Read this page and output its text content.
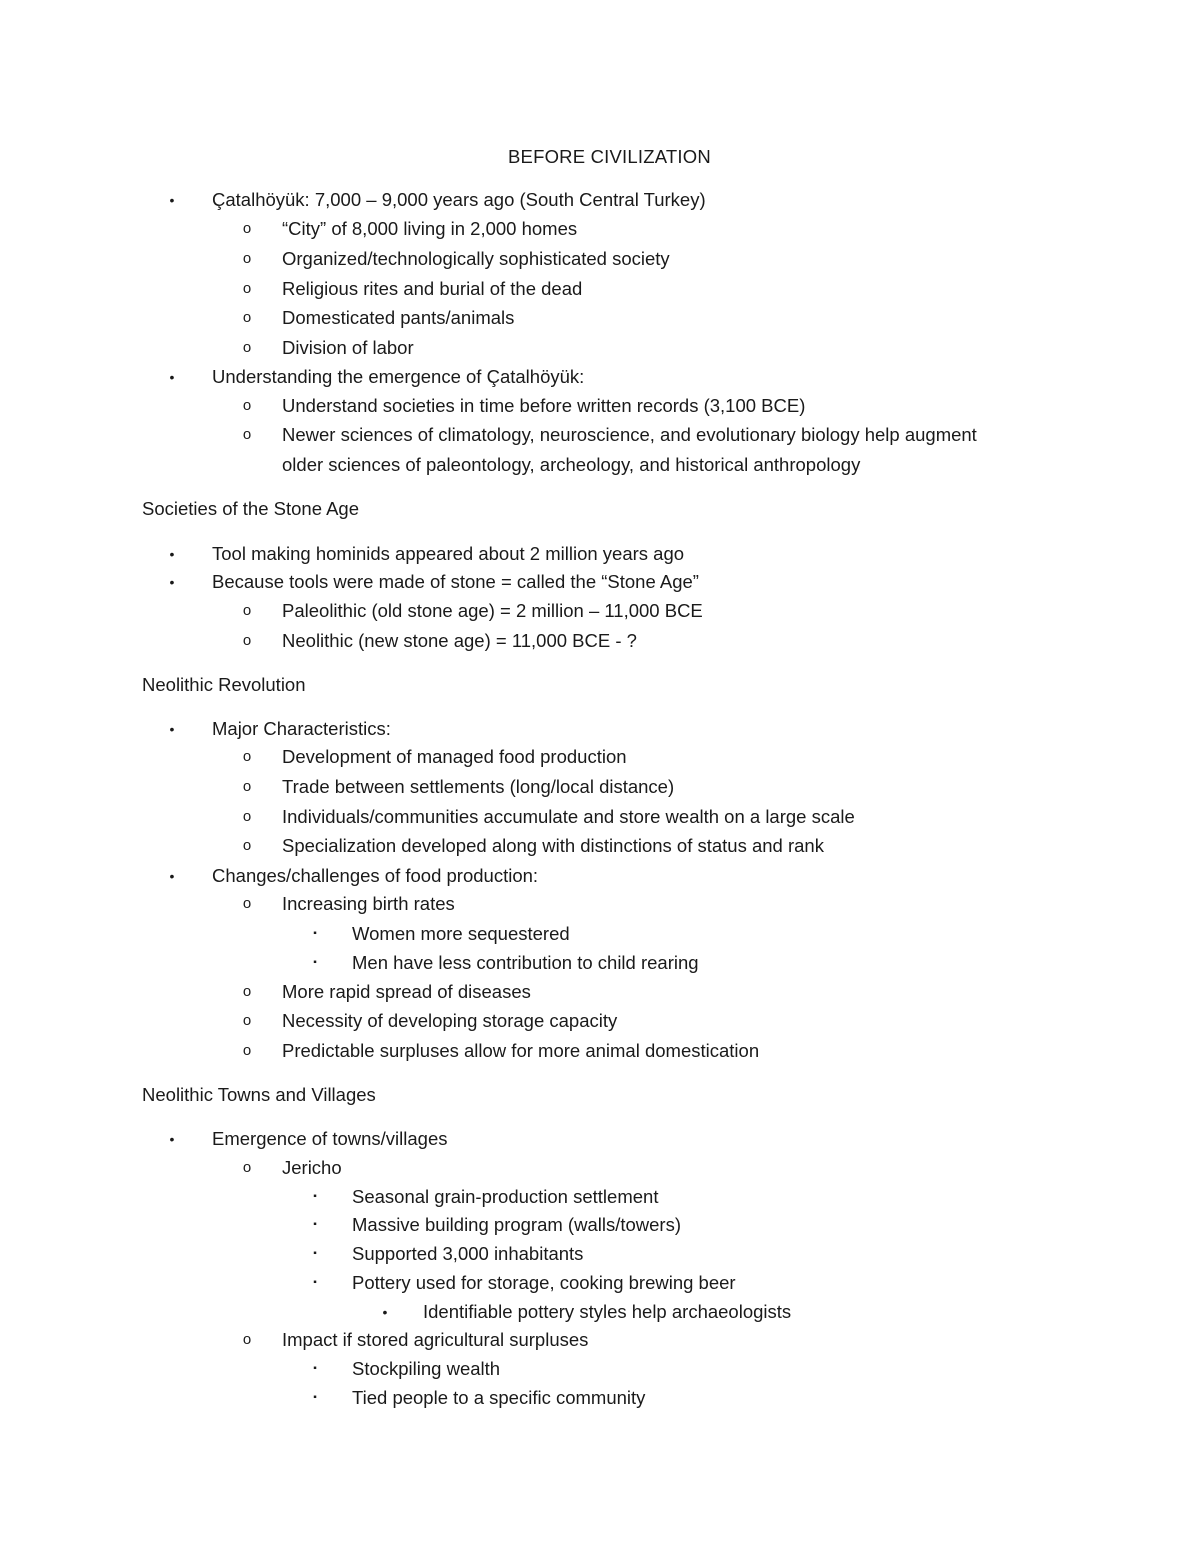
BEFORE CIVILIZATION
• Çatalhöyük: 7,000 – 9,000 years ago (South Central Turkey)
o “City” of 8,000 living in 2,000 homes
o Organized/technologically sophisticated society
o Religious rites and burial of the dead
o Domesticated pants/animals
o Division of labor
• Understanding the emergence of Çatalhöyük:
o Understand societies in time before written records (3,100 BCE)
o Newer sciences of climatology, neuroscience, and evolutionary biology help augment
older sciences of paleontology, archeology, and historical anthropology
Societies of the Stone Age
• Tool making hominids appeared about 2 million years ago
• Because tools were made of stone = called the “Stone Age”
o Paleolithic (old stone age) = 2 million – 11,000 BCE
o Neolithic (new stone age) = 11,000 BCE - ?
Neolithic Revolution
• Major Characteristics:
o Development of managed food production
o Trade between settlements (long/local distance)
o Individuals/communities accumulate and store wealth on a large scale
o Specialization developed along with distinctions of status and rank
• Changes/challenges of food production:
o Increasing birth rates
▪ Women more sequestered
▪ Men have less contribution to child rearing
o More rapid spread of diseases
o Necessity of developing storage capacity
o Predictable surpluses allow for more animal domestication
Neolithic Towns and Villages
• Emergence of towns/villages
o Jericho
▪ Seasonal grain-production settlement
▪ Massive building program (walls/towers)
▪ Supported 3,000 inhabitants
▪ Pottery used for storage, cooking brewing beer
• Identifiable pottery styles help archaeologists
o Impact if stored agricultural surpluses
▪ Stockpiling wealth
▪ Tied people to a specific community
